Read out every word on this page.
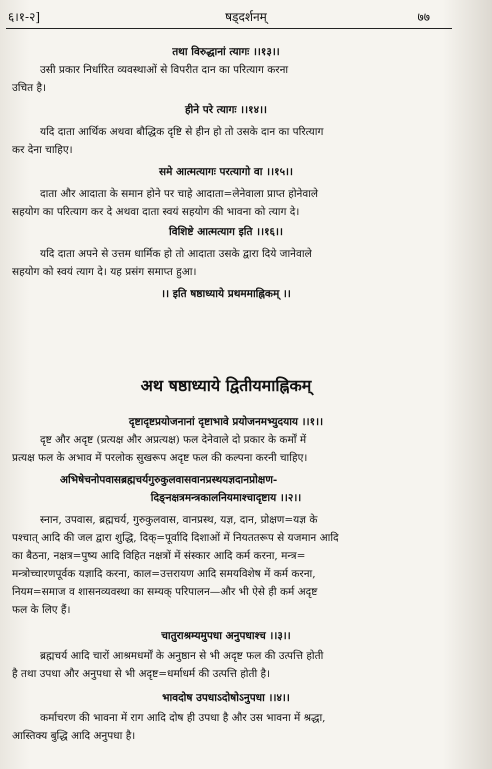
६।१-२]	षड्दर्शनम्	७७
तथा विरुद्धानां त्यागः ।।१३।।
उसी प्रकार निर्धारित व्यवस्थाओं से विपरीत दान का परित्याग करना
उचित है।
हीने परे त्यागः ।।१४।।
यदि दाता आर्थिक अथवा बौद्धिक दृष्टि से हीन हो तो उसके दान का परित्याग
कर देना चाहिए।
समे आत्मत्यागः परत्यागो वा ।।१५।।
दाता और आदाता के समान होने पर चाहे आदाता=लेनेवाला प्राप्त होनेवाले
सहयोग का परित्याग कर दे अथवा दाता स्वयं सहयोग की भावना को त्याग दे।
विशिष्टे आत्मत्याग इति ।।१६।।
यदि दाता अपने से उत्तम धार्मिक हो तो आदाता उसके द्वारा दिये जानेवाले
सहयोग को स्वयं त्याग दे। यह प्रसंग समाप्त हुआ।
।। इति षष्ठाध्याये प्रथममाह्निकम् ।।
अथ षष्ठाध्याये द्वितीयमाह्निकम्
दृष्टादृष्टप्रयोजनानां दृष्टाभावे प्रयोजनमभ्युदयाय ।।१।।
दृष्ट और अदृष्ट (प्रत्यक्ष और अप्रत्यक्ष) फल देनेवाले दो प्रकार के कर्मों में
प्रत्यक्ष फल के अभाव में परलोक सुखरूप अदृष्ट फल की कल्पना करनी चाहिए।
अभिषेचनोपवासब्रह्मचर्यगुरुकुलवासवानप्रस्थयज्ञदानप्रोक्षण-
दिङ्नक्षत्रमन्त्रकालनियमाश्चादृष्टाय ।।२।।
स्नान, उपवास, ब्रह्मचर्य, गुरुकुलवास, वानप्रस्थ, यज्ञ, दान, प्रोक्षण=यज्ञ के
पश्चात् आदि की जल द्वारा शुद्धि, दिक्=पूर्वादि दिशाओं में नियततरूप से यजमान आदि
का बैठना, नक्षत्र=पुष्य आदि विहित नक्षत्रों में संस्कार आदि कर्म करना, मन्त्र=
मन्त्रोच्चारणपूर्वक यज्ञादि करना, काल=उत्तरायण आदि समयविशेष में कर्म करना,
नियम=समाज व शासनव्यवस्था का सम्यक् परिपालन—और भी ऐसे ही कर्म अदृष्ट
फल के लिए हैं।
चातुराश्रम्यमुपधा अनुपधाश्च ।।३।।
ब्रह्मचर्य आदि चारों आश्रमधर्मों के अनुष्ठान से भी अदृष्ट फल की उत्पत्ति होती
है तथा उपधा और अनुपधा से भी अदृष्ट=धर्माधर्म की उत्पत्ति होती है।
भावदोष उपधाऽदोषोऽनुपधा ।।४।।
कर्माचरण की भावना में राग आदि दोष ही उपधा है और उस भावना में श्रद्धा,
आस्तिक्य बुद्धि आदि अनुपधा है।
